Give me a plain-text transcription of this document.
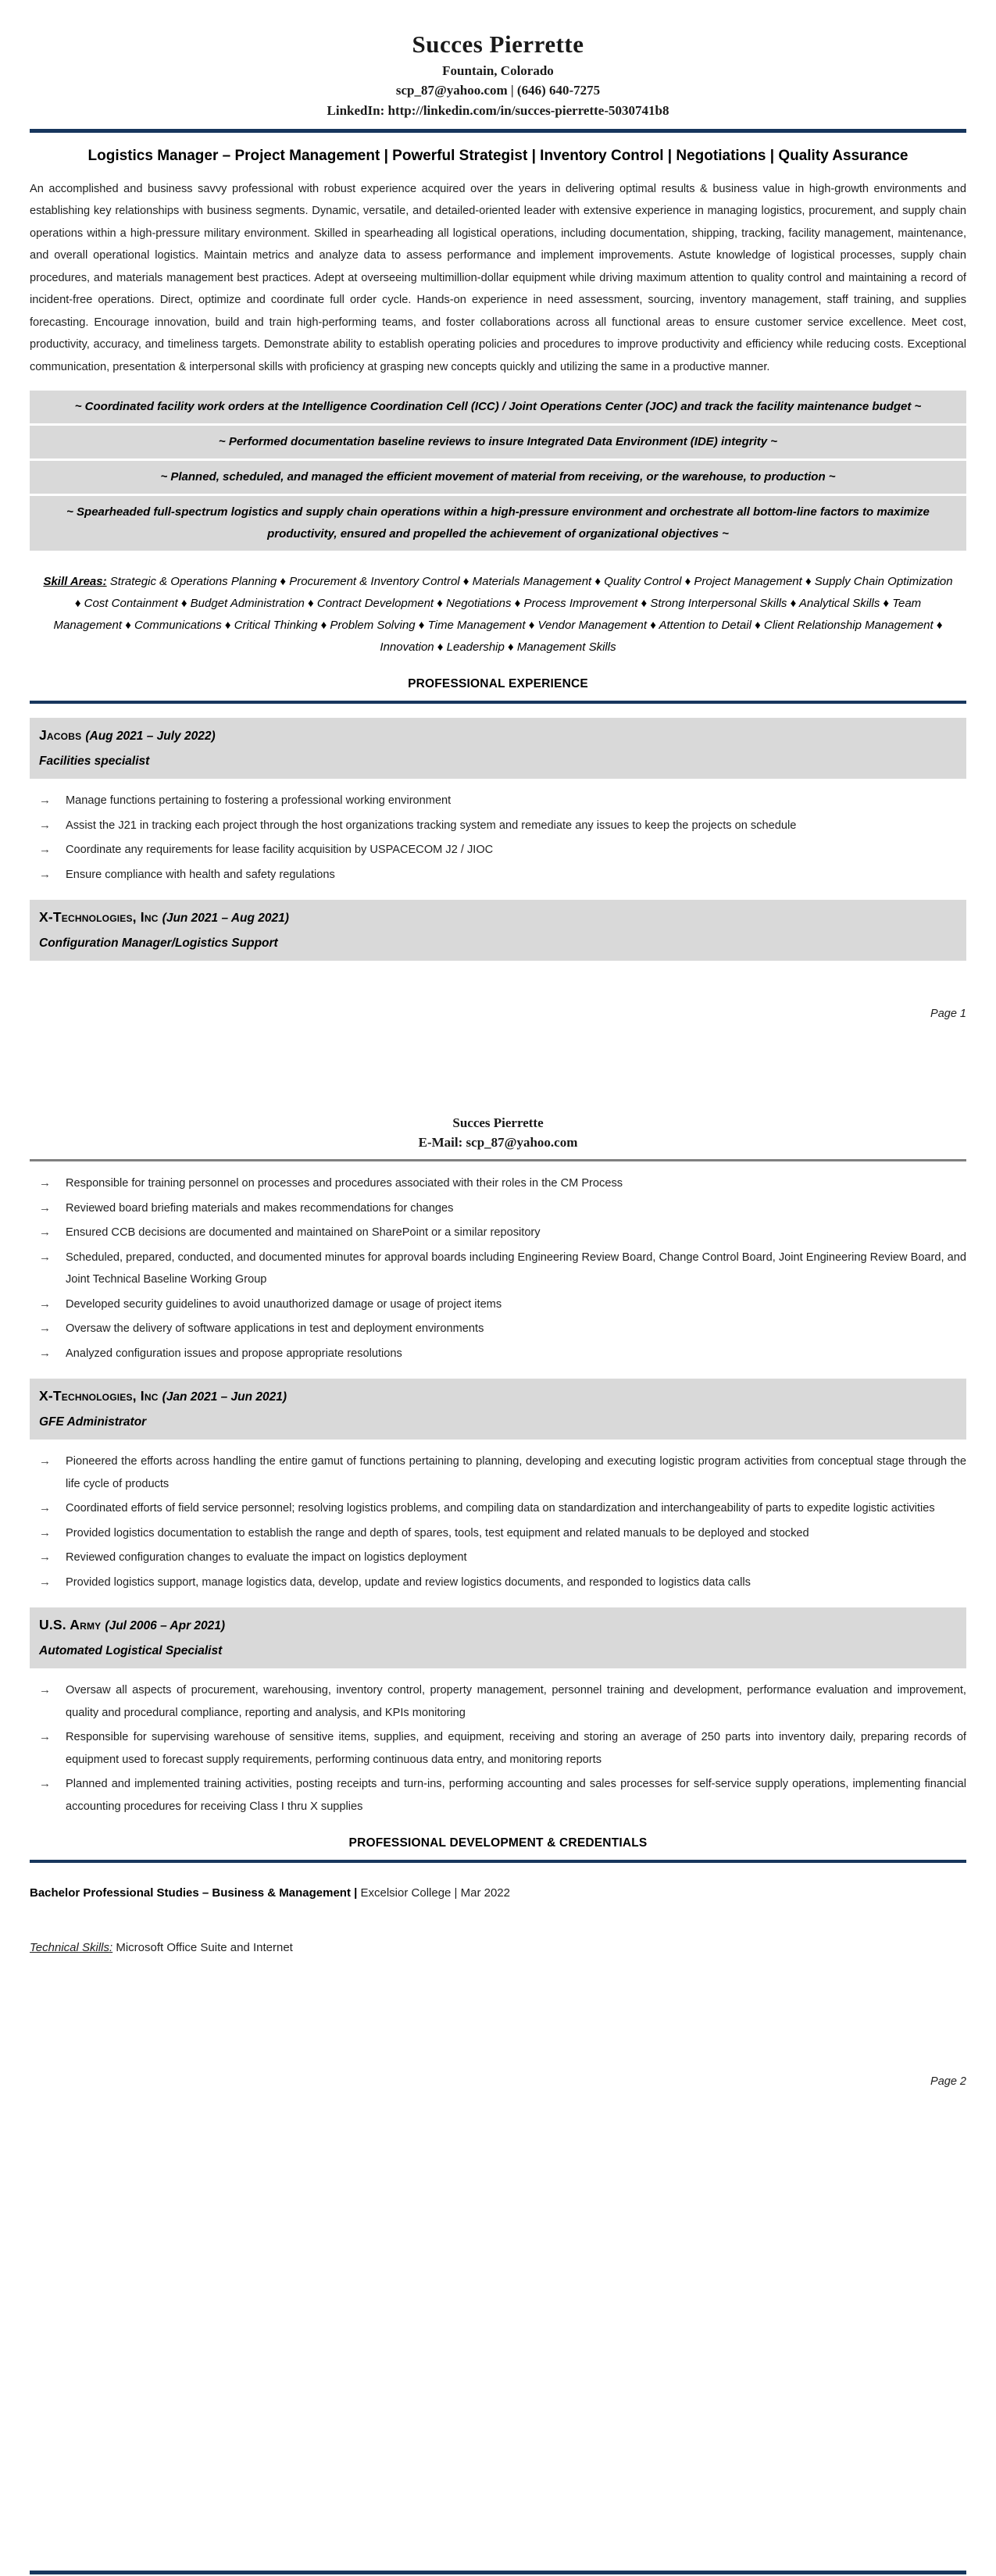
Succes Pierrette
Fountain, Colorado
scp_87@yahoo.com | (646) 640-7275
LinkedIn: http://linkedin.com/in/succes-pierrette-5030741b8
Logistics Manager – Project Management | Powerful Strategist | Inventory Control | Negotiations | Quality Assurance

An accomplished and business savvy professional with robust experience acquired over the years in delivering optimal results & business value in high-growth environments and establishing key relationships with business segments. Dynamic, versatile, and detailed-oriented leader with extensive experience in managing logistics, procurement, and supply chain operations within a high-pressure military environment. Skilled in spearheading all logistical operations, including documentation, shipping, tracking, facility management, maintenance, and overall operational logistics. Maintain metrics and analyze data to assess performance and implement improvements. Astute knowledge of logistical processes, supply chain procedures, and materials management best practices. Adept at overseeing multimillion-dollar equipment while driving maximum attention to quality control and maintaining a record of incident-free operations. Direct, optimize and coordinate full order cycle. Hands-on experience in need assessment, sourcing, inventory management, staff training, and supplies forecasting. Encourage innovation, build and train high-performing teams, and foster collaborations across all functional areas to ensure customer service excellence. Meet cost, productivity, accuracy, and timeliness targets. Demonstrate ability to establish operating policies and procedures to improve productivity and efficiency while reducing costs. Exceptional communication, presentation & interpersonal skills with proficiency at grasping new concepts quickly and utilizing the same in a productive manner.

~ Coordinated facility work orders at the Intelligence Coordination Cell (ICC) / Joint Operations Center (JOC) and track the facility maintenance budget ~
~ Performed documentation baseline reviews to insure Integrated Data Environment (IDE) integrity ~
~ Planned, scheduled, and managed the efficient movement of material from receiving, or the warehouse, to production ~
~ Spearheaded full-spectrum logistics and supply chain operations within a high-pressure environment and orchestrate all bottom-line factors to maximize productivity, ensured and propelled the achievement of organizational objectives ~

Skill Areas: Strategic & Operations Planning ♦ Procurement & Inventory Control ♦ Materials Management ♦ Quality Control ♦ Project Management ♦ Supply Chain Optimization ♦ Cost Containment ♦ Budget Administration ♦ Contract Development ♦ Negotiations ♦ Process Improvement ♦ Strong Interpersonal Skills ♦ Analytical Skills ♦ Team Management ♦ Communications ♦ Critical Thinking ♦ Problem Solving ♦ Time Management ♦ Vendor Management ♦ Attention to Detail ♦ Client Relationship Management ♦ Innovation ♦ Leadership ♦ Management Skills

PROFESSIONAL EXPERIENCE
Jacobs (Aug 2021 – July 2022)
Facilities specialist
→	Manage functions pertaining to fostering a professional working environment
→	Assist the J21 in tracking each project through the host organizations tracking system and remediate any issues to keep the projects on schedule
→	Coordinate any requirements for lease facility acquisition by USPACECOM J2 / JIOC
→	Ensure compliance with health and safety regulations
X-Technologies, Inc (Jun 2021 – Aug 2021)
Configuration Manager/Logistics Support
Page 1
Succes Pierrette
E-Mail: scp_87@yahoo.com
→	Responsible for training personnel on processes and procedures associated with their roles in the CM Process
→	Reviewed board briefing materials and makes recommendations for changes
→	Ensured CCB decisions are documented and maintained on SharePoint or a similar repository
→	Scheduled, prepared, conducted, and documented minutes for approval boards including Engineering Review Board, Change Control Board, Joint Engineering Review Board, and Joint Technical Baseline Working Group
→	Developed security guidelines to avoid unauthorized damage or usage of project items
→	Oversaw the delivery of software applications in test and deployment environments
→	Analyzed configuration issues and propose appropriate resolutions
X-Technologies, Inc (Jan 2021 – Jun 2021)
GFE Administrator
→	Pioneered the efforts across handling the entire gamut of functions pertaining to planning, developing and executing logistic program activities from conceptual stage through the life cycle of products
→	Coordinated efforts of field service personnel; resolving logistics problems, and compiling data on standardization and interchangeability of parts to expedite logistic activities
→	Provided logistics documentation to establish the range and depth of spares, tools, test equipment and related manuals to be deployed and stocked
→	Reviewed configuration changes to evaluate the impact on logistics deployment
→	Provided logistics support, manage logistics data, develop, update and review logistics documents, and responded to logistics data calls
U.S. Army (Jul 2006 – Apr 2021)
Automated Logistical Specialist
→	Oversaw all aspects of procurement, warehousing, inventory control, property management, personnel training and development, performance evaluation and improvement, quality and procedural compliance, reporting and analysis, and KPIs monitoring
→	Responsible for supervising warehouse of sensitive items, supplies, and equipment, receiving and storing an average of 250 parts into inventory daily, preparing records of equipment used to forecast supply requirements, performing continuous data entry, and monitoring reports
→	Planned and implemented training activities, posting receipts and turn-ins, performing accounting and sales processes for self-service supply operations, implementing financial accounting procedures for receiving Class I thru X supplies
PROFESSIONAL DEVELOPMENT & CREDENTIALS

Bachelor Professional Studies – Business & Management | Excelsior College | Mar 2022

Technical Skills: Microsoft Office Suite and Internet

Page 2
